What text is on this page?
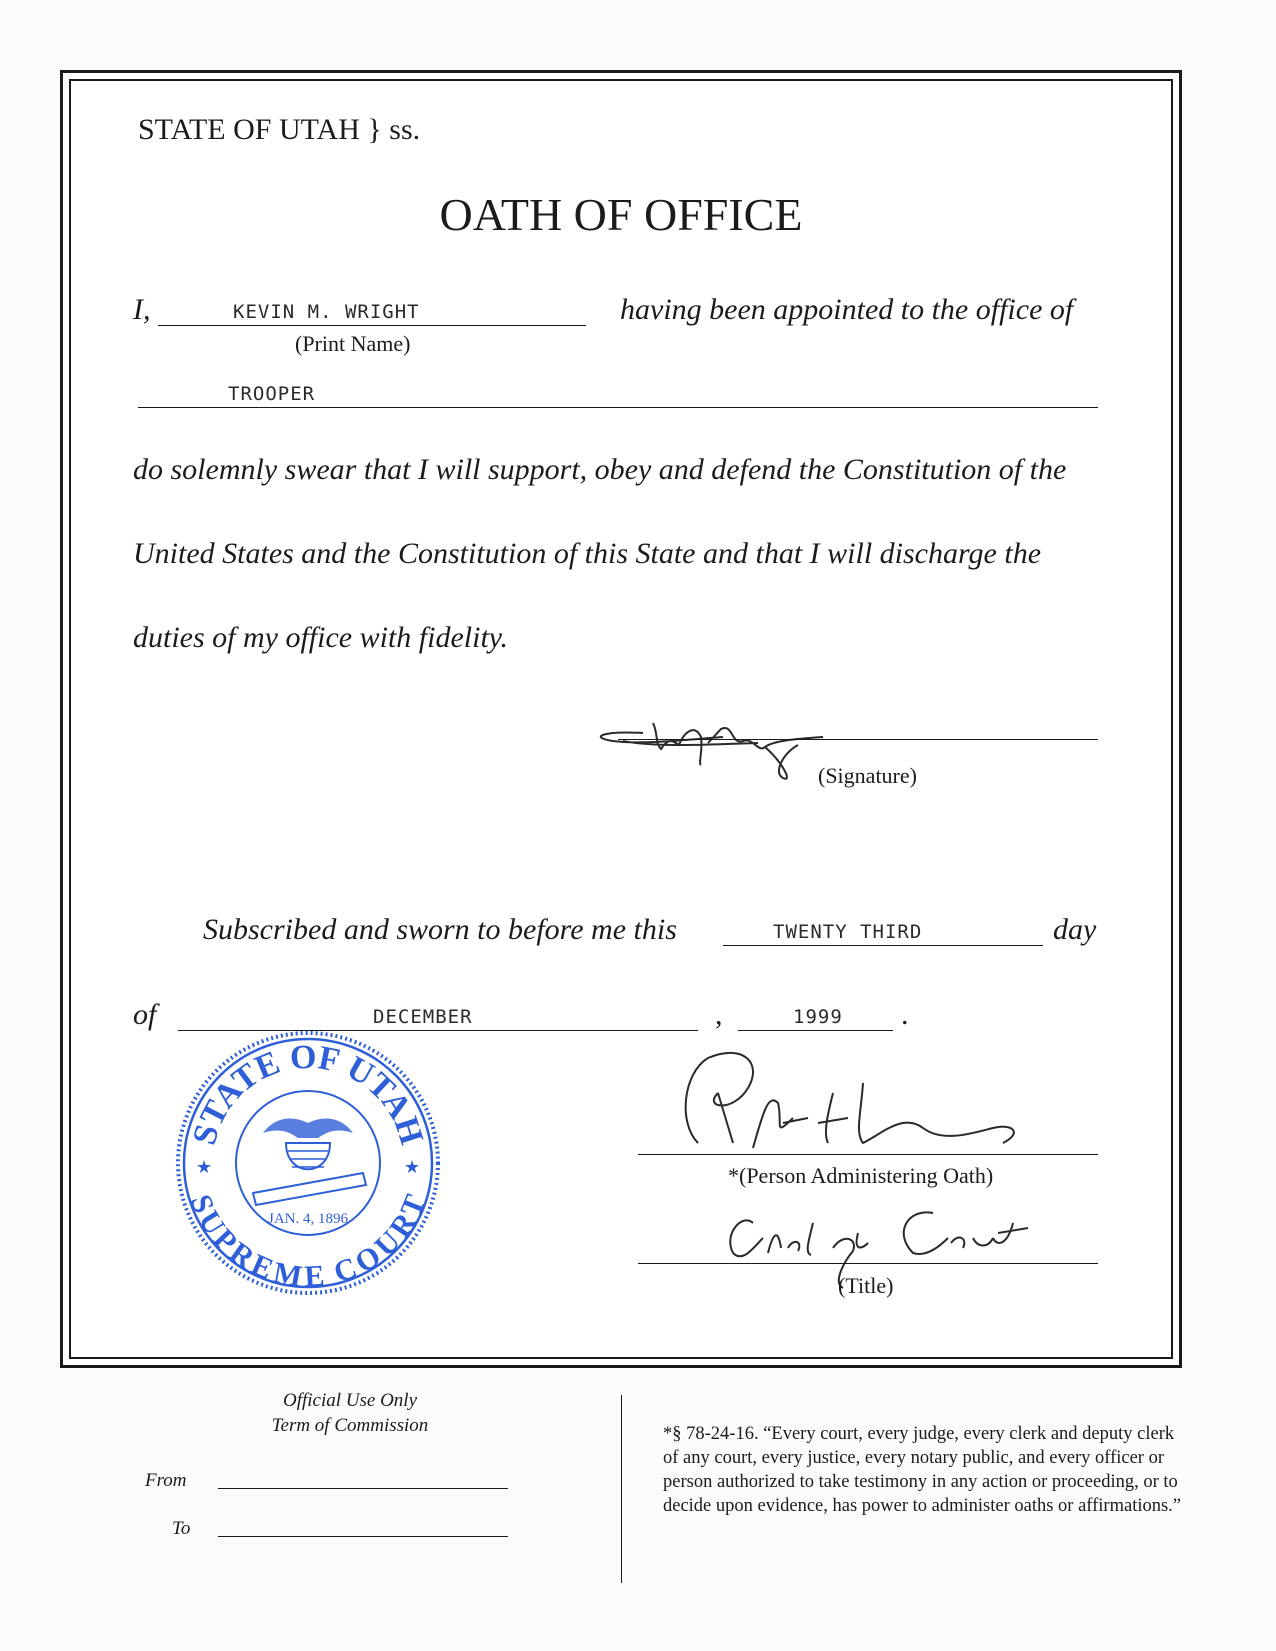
STATE OF UTAH } ss.
OATH OF OFFICE
I,	KEVIN M. WRIGHT
(Print Name)
having been appointed to the office of
TROOPER
do solemnly swear that I will support, obey and defend the Constitution of the
United States and the Constitution of this State and that I will discharge the
duties of my office with fidelity.
(Signature)
Subscribed and sworn to before me this	TWENTY THIRD	day
of	DECEMBER	,	1999 .
STATE OF UTAH
SUPREME COURT
★	★
JAN. 4, 1896
*(Person Administering Oath)
(Title)
Official Use Only
Term of Commission
From
To
*§ 78-24-16. “Every court, every judge, every clerk and deputy clerk of any court, every justice, every notary public, and every officer or person authorized to take testimony in any action or proceeding, or to decide upon evidence, has power to administer oaths or affirmations.”
